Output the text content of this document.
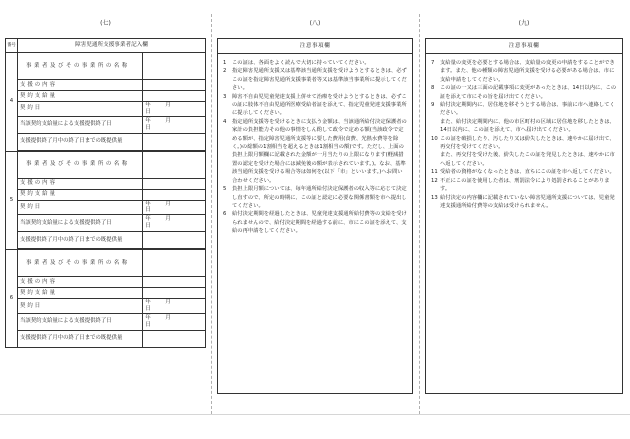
(七)
番号	障害児通所支援事業者記入欄	
4	事業者及びその事業所の名称	
	支援の内容	
	契約支給量	
	契約日	年 月日
	当該契約支給量による支援提供終了日	年 月日
	支援提供終了月中の終了日までの既提供量	

5	事業者及びその事業所の名称	
	支援の内容	
	契約支給量	
	契約日	年 月日
	当該契約支給量による支援提供終了日	年 月日
	支援提供終了月中の終了日までの既提供量	

6	事業者及びその事業所の名称	
	支援の内容	
	契約支給量	
	契約日	年 月日
	当該契約支給量による支援提供終了日	年 月日
	支援提供終了月中の終了日までの既提供量	

(八)
注意事項欄
1	この証は、各面をよく読んで大切に持っていてください。
2	指定障害児通所支援又は基準該当通所支援を受けようとするときは、必ずこの証を指定障害児通所支援事業者等又は基準該当事業所に提示してください。
3	障害不自由児児童発達支援上併せて治療を受けようとするときは、必ずこの証に肢体不自由児通所医療受給者証を添えて、指定児童発達支援事業所に提示してください。
4	指定通所支援等を受けるときに支払う金額は、当該通所給付決定保護者の家計の負担能力その他の事情をしん酌して政令で定める額(当該政令で定める額が、指定障害児通所支援等に要した費用(食費、光熱水費等を除く。)の総額の1割相当を超えるときは1割相当の額)です。ただし、上面の負担上限月額欄に記載された金額が一月当たりの上限になります(軽減措置の認定を受けた場合には減免後の額が表示されています。)。なお、基準該当通所支援を受ける場合等は如何を(以下「市」といいます。)へお問い合わせください。
5	負担上限月額については、毎年通所給付決定保護者の収入等に応じて決定し直すので、所定の時期に、この証と認定に必要な関係書類を市へ提出してください。
6	給付決定期間を経過したときは、児童発達支援通所給付費等の支給を受けられませんので、給付決定期間を経過する前に、市にこの証を添えて、支給の再申請をしてください。
(九)
注意事項欄
7	支給量の変更を必要とする場合は、支給量の変更の申請をすることができます。また、他の種類の障害児通所支援を受ける必要がある場合は、市に支給申請をしてください。
8	この証の一又は三面の記載事項に変更があったときは、14日以内に、この証を添えて市にその旨を届け出てください。
9	給付決定期間内に、居住地を移そうとする場合は、事前に市へ連絡してください。
また、給付決定期間内に、他の市区町村の区域に居住地を移したときは、14日以内に、この証を添えて、市へ届け出てください。
10 この証を破損したり、汚したり又は紛失したときは、速やかに届け出て、再交付を受けてください。
また、再交付を受けた後、紛失したこの証を発見したときは、速やかに市へ返してください。
11 受給者の資格がなくなったときは、直ちにこの証を市へ返してください。
12 不正にこの証を使用した者は、刑罰法令により処罰されることがあります。
13 給付決定の内容欄に記載されていない障害児通所支援については、児童発達支援通所給付費等の支給は受けられません。
